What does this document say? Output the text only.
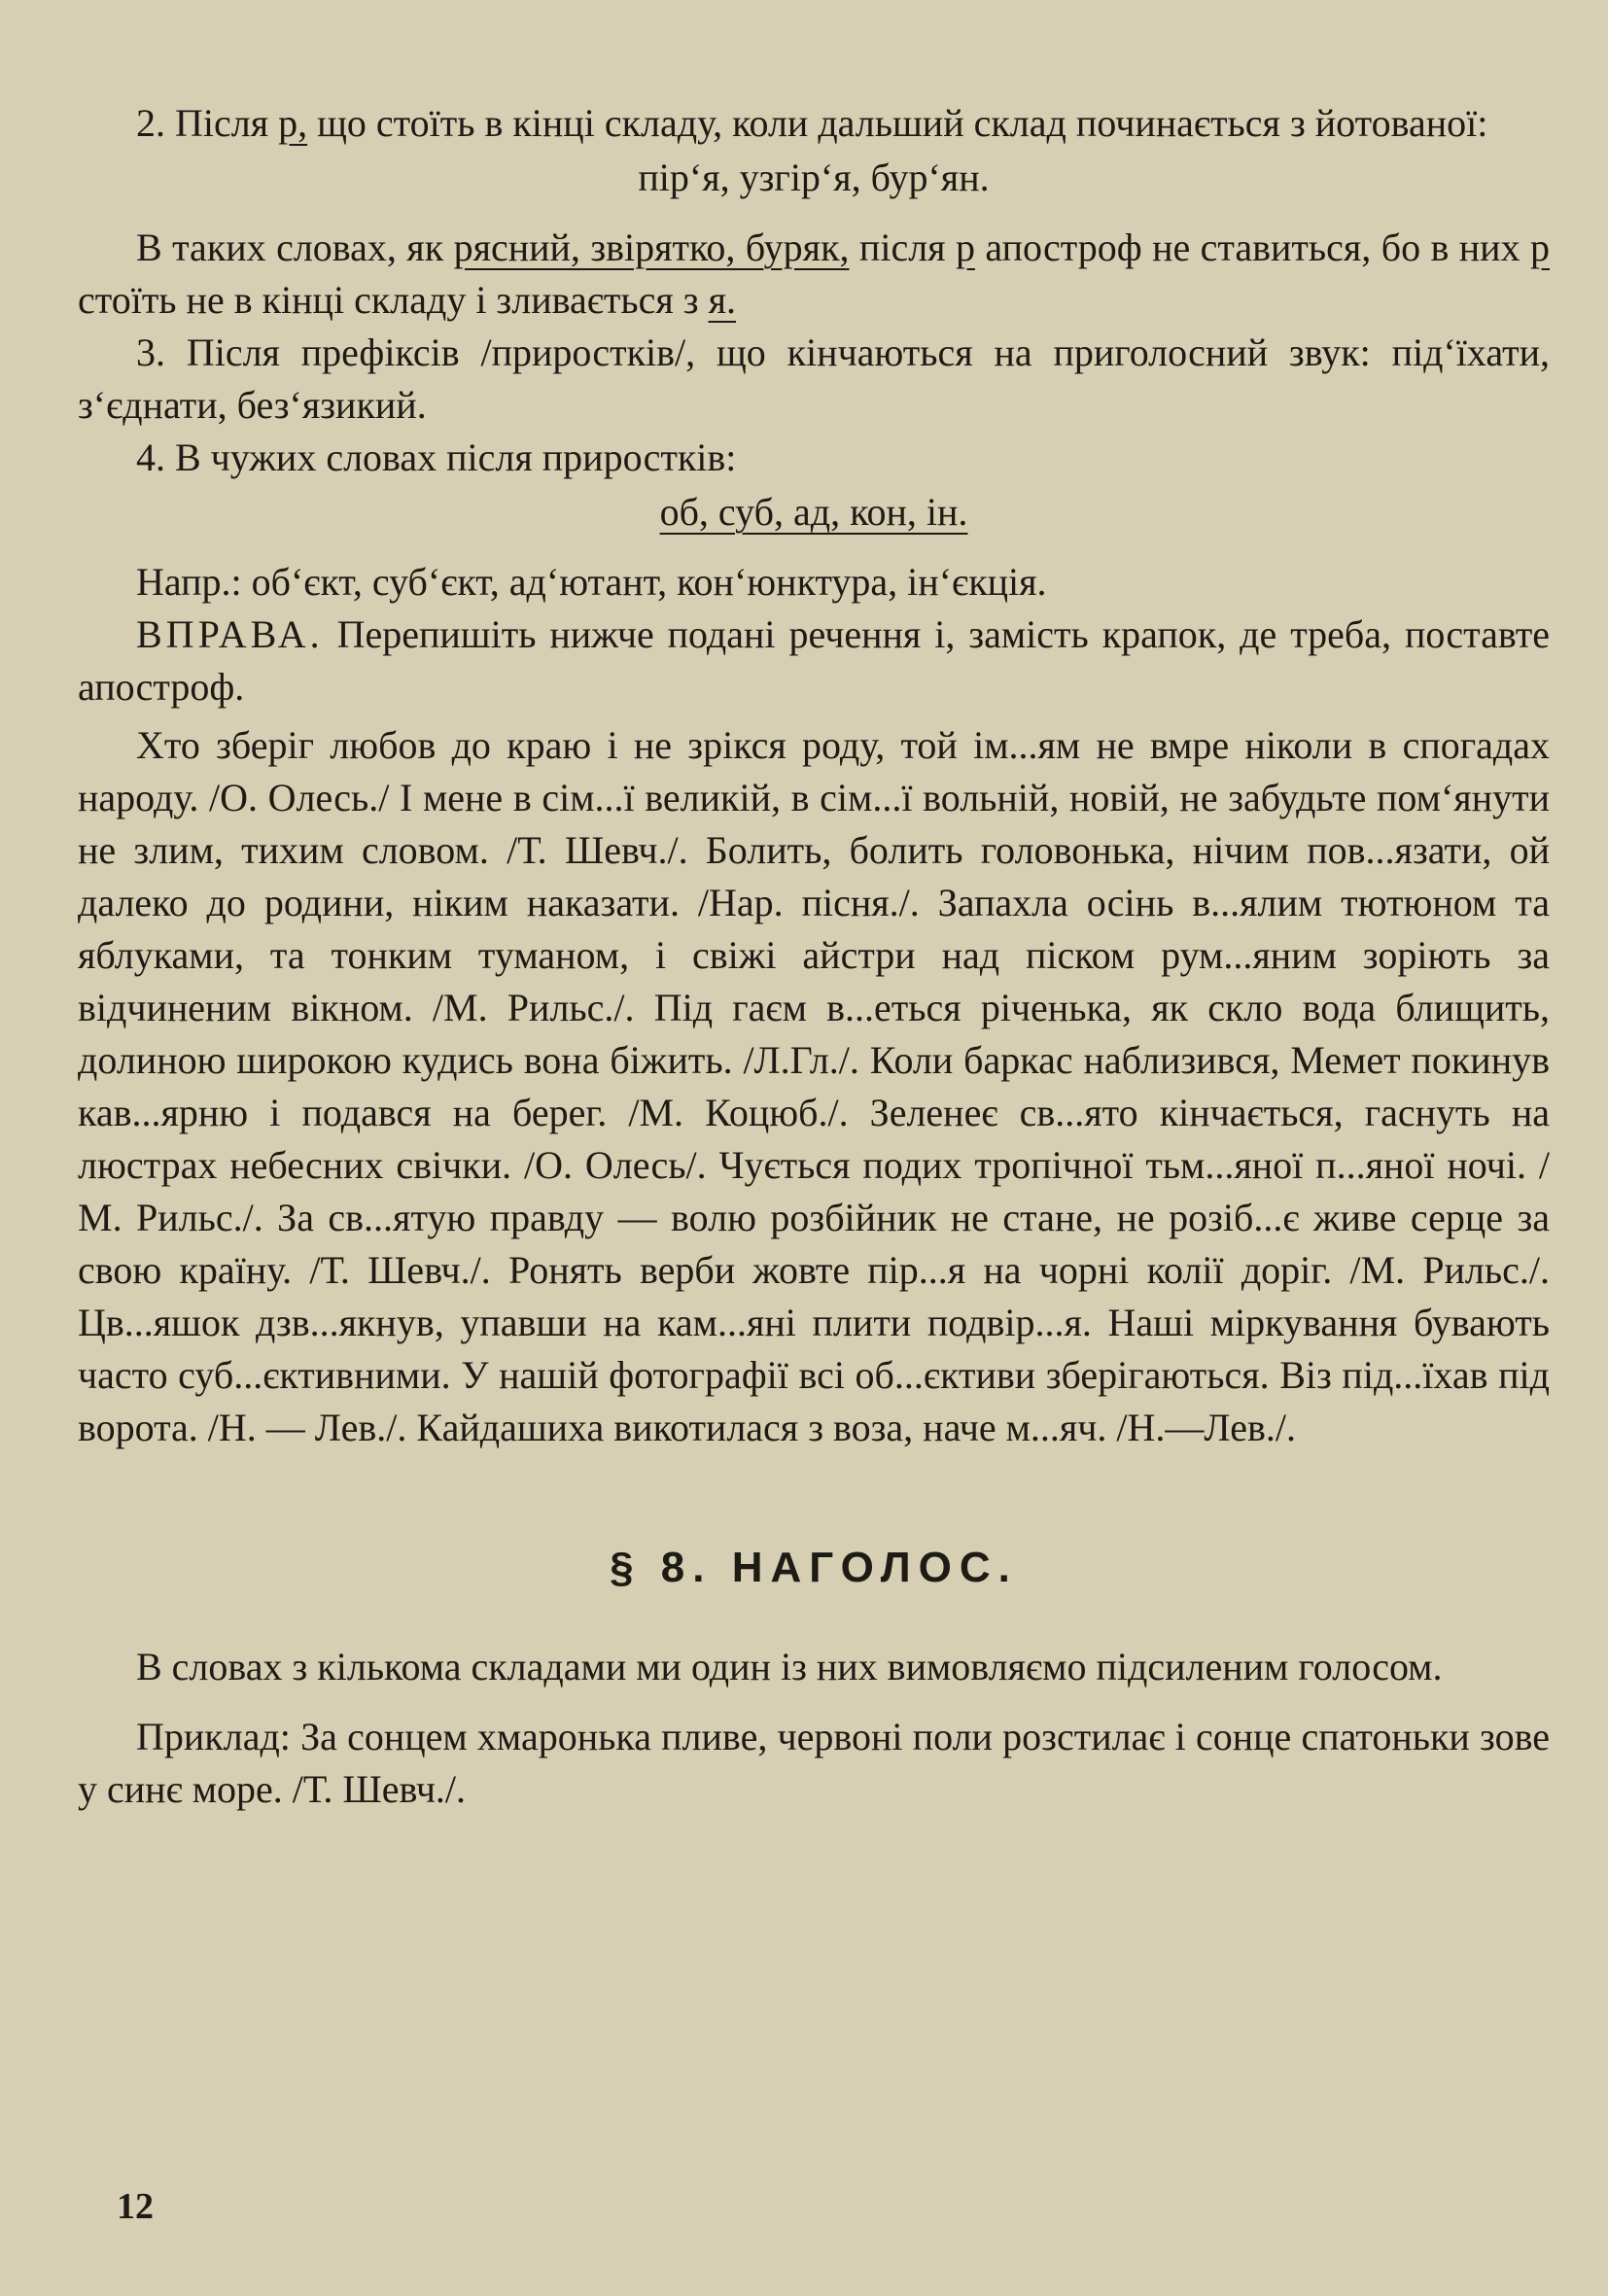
2. Після р, що стоїть в кінці складу, коли дальший склад починається з йотованої:

пір‘я, узгір‘я, бур‘ян.

В таких словах, як рясний, звірятко, буряк, після р апостроф не ставиться, бо в них р стоїть не в кінці складу і зливається з я.

3. Після префіксів /приростків/, що кінчаються на приголосний звук: під‘їхати, з‘єднати, без‘язикий.

4. В чужих словах після приростків:

об, суб, ад, кон, ін.

Напр.: об‘єкт, суб‘єкт, ад‘ютант, кон‘юнктура, ін‘єкція.

ВПРАВА. Перепишіть нижче подані речення і, замість крапок, де треба, поставте апостроф.

Хто зберіг любов до краю і не зрікся роду, той ім...ям не вмре ніколи в спогадах народу. /О. Олесь./ І мене в сім...ї великій, в сім...ї вольній, новій, не забудьте пом‘янути не злим, тихим словом. /Т. Шевч./. Болить, болить головонька, нічим пов...язати, ой далеко до родини, ніким наказати. /Нар. пісня./. Запахла осінь в...ялим тютюном та яблуками, та тонким туманом, і свіжі айстри над піском рум...яним зоріють за відчиненим вікном. /М. Рильс./. Під гаєм в...еться річенька, як скло вода блищить, долиною широкою кудись вона біжить. /Л.Гл./. Коли баркас наблизився, Мемет покинув кав...ярню і подався на берег. /М. Коцюб./. Зеленеє св...ято кінчається, гаснуть на люстрах небесних свічки. /О. Олесь/. Чується подих тропічної тьм...яної п...яної ночі. /М. Рильс./. За св...ятую правду — волю розбійник не стане, не розіб...є живе серце за свою країну. /Т. Шевч./. Ронять верби жовте пір...я на чорні колії доріг. /М. Рильс./. Цв...яшок дзв...якнув, упавши на кам...яні плити подвір...я. Наші міркування бувають часто суб...єктивними. У нашій фотографії всі об...єктиви зберігаються. Віз під...їхав під ворота. /Н. — Лев./. Кайдашиха викотилася з воза, наче м...яч. /Н.—Лев./.

§ 8. НАГОЛОС.

В словах з кількома складами ми один із них вимовляємо підсиленим голосом.

Приклад: За сонцем хмаронька пливе, червоні поли розстилає і сонце спатоньки зове у синє море. /Т. Шевч./.

12
